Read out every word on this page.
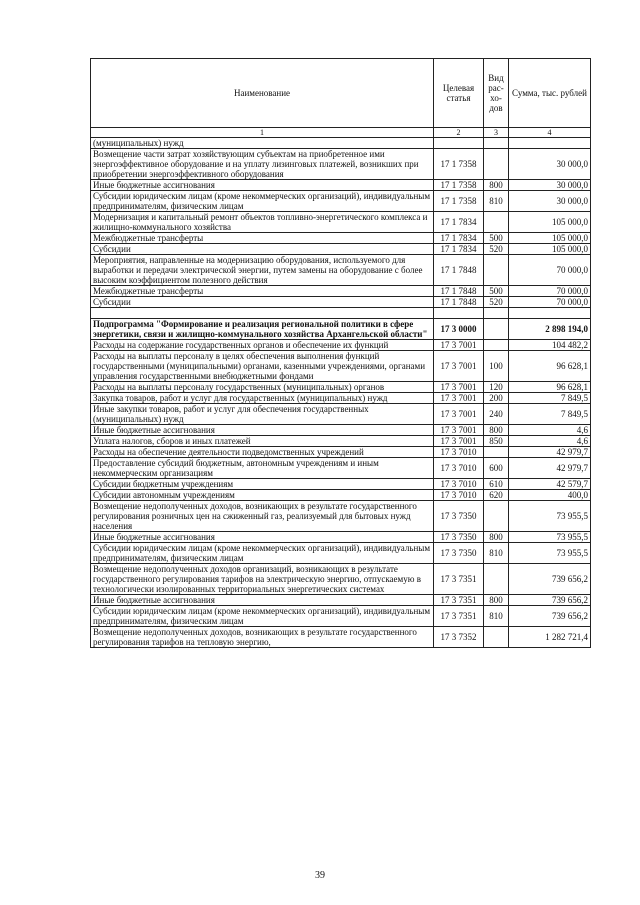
Наименование	Целевая статья	Вид рас- хо- дов	Сумма, тыс. рублей
1	2	3	4
(муниципальных) нужд			
Возмещение части затрат хозяйствующим субъектам на приобретенное ими энергоэффективное оборудование и на уплату лизинговых платежей, возникших при приобретении энергоэффективного оборудования	17 1 7358		30 000,0
Иные бюджетные ассигнования	17 1 7358	800	30 000,0
Субсидии юридическим лицам (кроме некоммерческих организаций), индивидуальным предпринимателям, физическим лицам	17 1 7358	810	30 000,0
Модернизация и капитальный ремонт объектов топливно-энергетического комплекса и жилищно-коммунального хозяйства	17 1 7834		105 000,0
Межбюджетные трансферты	17 1 7834	500	105 000,0
Субсидии	17 1 7834	520	105 000,0
Мероприятия, направленные на модернизацию оборудования, используемого для выработки и передачи электрической энергии, путем замены на оборудование с более высоким коэффициентом полезного действия	17 1 7848		70 000,0
Межбюджетные трансферты	17 1 7848	500	70 000,0
Субсидии	17 1 7848	520	70 000,0

Подпрограмма "Формирование и реализация региональной политики в сфере энергетики, связи и жилищно-коммунального хозяйства Архангельской области"	17 3 0000		2 898 194,0
Расходы на содержание государственных органов и обеспечение их функций	17 3 7001		104 482,2
Расходы на выплаты персоналу в целях обеспечения выполнения функций государственными (муниципальными) органами, казенными учреждениями, органами управления государственными внебюджетными фондами	17 3 7001	100	96 628,1
Расходы на выплаты персоналу государственных (муниципальных) органов	17 3 7001	120	96 628,1
Закупка товаров, работ и услуг для государственных (муниципальных) нужд	17 3 7001	200	7 849,5
Иные закупки товаров, работ и услуг для обеспечения государственных (муниципальных) нужд	17 3 7001	240	7 849,5
Иные бюджетные ассигнования	17 3 7001	800	4,6
Уплата налогов, сборов и иных платежей	17 3 7001	850	4,6
Расходы на обеспечение деятельности подведомственных учреждений	17 3 7010		42 979,7
Предоставление субсидий бюджетным, автономным учреждениям и иным некоммерческим организациям	17 3 7010	600	42 979,7
Субсидии бюджетным учреждениям	17 3 7010	610	42 579,7
Субсидии автономным учреждениям	17 3 7010	620	400,0
Возмещение недополученных доходов, возникающих в результате государственного регулирования розничных цен на сжиженный газ, реализуемый для бытовых нужд населения	17 3 7350		73 955,5
Иные бюджетные ассигнования	17 3 7350	800	73 955,5
Субсидии юридическим лицам (кроме некоммерческих организаций), индивидуальным предпринимателям, физическим лицам	17 3 7350	810	73 955,5
Возмещение недополученных доходов организаций, возникающих в результате государственного регулирования тарифов на электрическую энергию, отпускаемую в технологически изолированных территориальных энергетических системах	17 3 7351		739 656,2
Иные бюджетные ассигнования	17 3 7351	800	739 656,2
Субсидии юридическим лицам (кроме некоммерческих организаций), индивидуальным предпринимателям, физическим лицам	17 3 7351	810	739 656,2
Возмещение недополученных доходов, возникающих в результате государственного регулирования тарифов на тепловую энергию,	17 3 7352		1 282 721,4
39
